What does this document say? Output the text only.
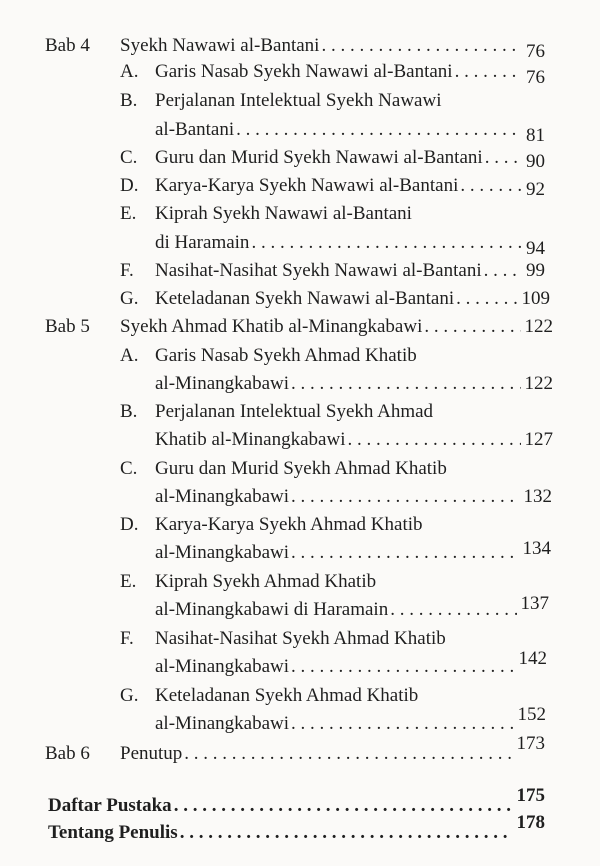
Bab 4 Syekh Nawawi al-Bantani . . .	76
A. Garis Nasab Syekh Nawawi al-Bantani . . .	76
B. Perjalanan Intelektual Syekh Nawawi
al-Bantani . . .	81
C. Guru dan Murid Syekh Nawawi al-Bantani . . . 90
D. Karya-Karya Syekh Nawawi al-Bantani . . .	92
E. Kiprah Syekh Nawawi al-Bantani
di Haramain . . .	94
F. Nasihat-Nasihat Syekh Nawawi al-Bantani . . . 99
G. Keteladanan Syekh Nawawi al-Bantani . . .	109
Bab 5 Syekh Ahmad Khatib al-Minangkabawi . . .	122
A. Garis Nasab Syekh Ahmad Khatib
al-Minangkabawi . . .	122
B. Perjalanan Intelektual Syekh Ahmad
Khatib al-Minangkabawi . . .	127
C. Guru dan Murid Syekh Ahmad Khatib
al-Minangkabawi . . .	132
D. Karya-Karya Syekh Ahmad Khatib
al-Minangkabawi . . .	134
E. Kiprah Syekh Ahmad Khatib
al-Minangkabawi di Haramain . . .	137
F. Nasihat-Nasihat Syekh Ahmad Khatib
al-Minangkabawi . . .	142
G. Keteladanan Syekh Ahmad Khatib
al-Minangkabawi . . .	152
Bab 6 Penutup . . .	173
Daftar Pustaka . . .	175
Tentang Penulis . . .	178
